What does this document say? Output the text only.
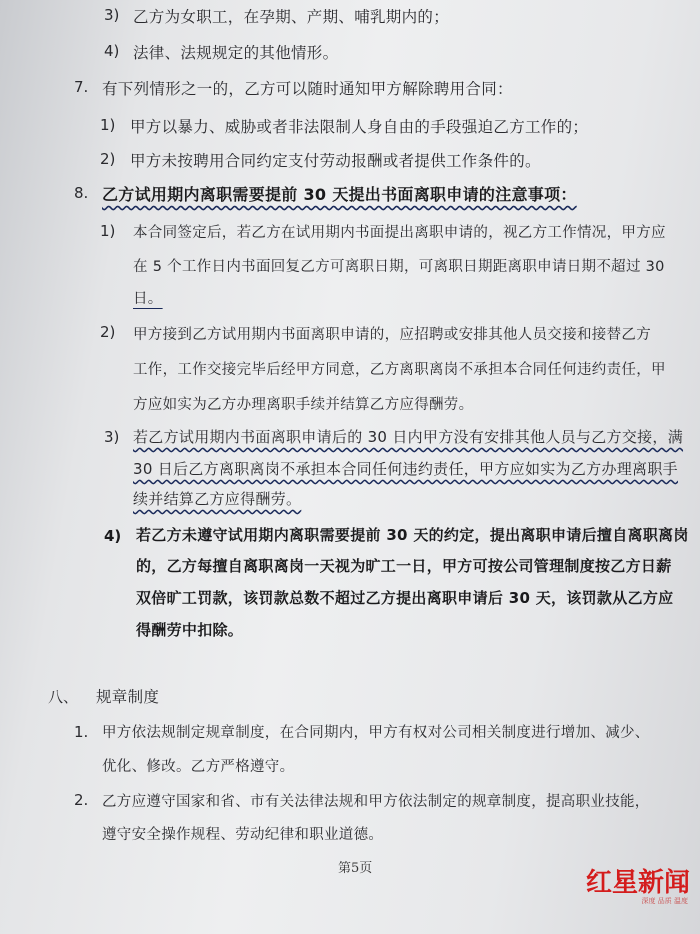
3) 乙方为女职工，在孕期、产期、哺乳期内的；
4) 法律、法规规定的其他情形。
7. 有下列情形之一的，乙方可以随时通知甲方解除聘用合同：
1) 甲方以暴力、威胁或者非法限制人身自由的手段强迫乙方工作的；
2) 甲方未按聘用合同约定支付劳动报酬或者提供工作条件的。
8. 乙方试用期内离职需要提前 30 天提出书面离职申请的注意事项：
1) 本合同签定后，若乙方在试用期内书面提出离职申请的，视乙方工作情况，甲方应
在 5 个工作日内书面回复乙方可离职日期，可离职日期距离职申请日期不超过 30
日。
2) 甲方接到乙方试用期内书面离职申请的，应招聘或安排其他人员交接和接替乙方
工作，工作交接完毕后经甲方同意，乙方离职离岗不承担本合同任何违约责任，甲
方应如实为乙方办理离职手续并结算乙方应得酬劳。
3) 若乙方试用期内书面离职申请后的 30 日内甲方没有安排其他人员与乙方交接，满
30 日后乙方离职离岗不承担本合同任何违约责任，甲方应如实为乙方办理离职手
续并结算乙方应得酬劳。
4) 若乙方未遵守试用期内离职需要提前 30 天的约定，提出离职申请后擅自离职离岗
的，乙方每擅自离职离岗一天视为旷工一日，甲方可按公司管理制度按乙方日薪
双倍旷工罚款，该罚款总数不超过乙方提出离职申请后 30 天，该罚款从乙方应
得酬劳中扣除。
八、 规章制度
1. 甲方依法规制定规章制度，在合同期内，甲方有权对公司相关制度进行增加、减少、
优化、修改。乙方严格遵守。
2. 乙方应遵守国家和省、市有关法律法规和甲方依法制定的规章制度，提高职业技能，
遵守安全操作规程、劳动纪律和职业道德。
第5页	红星新闻
深度 品质 温度
